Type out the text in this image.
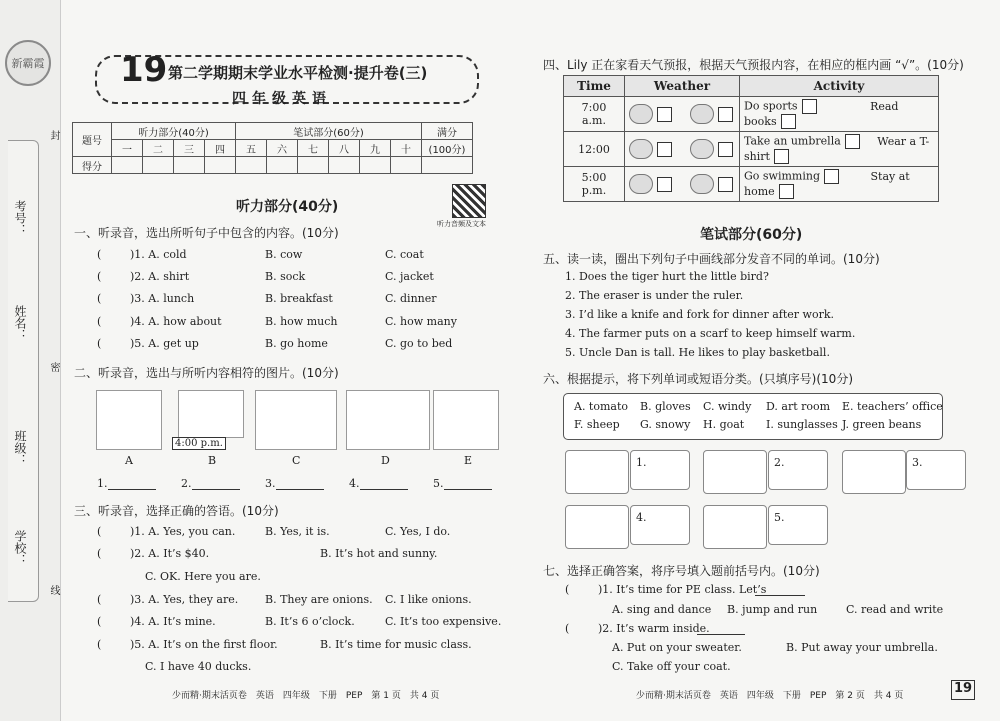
新霸霞
考号：
姓名：
班级：
学校：
封
密
线
19 第二学期期末学业水平检测·提升卷(三)
四年级英语
题号	听力部分(40分)				笔试部分(60分)						满分
	一	二	三	四	五	六	七	八	九	十	(100分)
得分											
听力音频及文本
听力部分(40分)
一、听录音，选出所听句子中包含的内容。(10分)
(	)1. A. cold	B. cow	C. coat
(	)2. A. shirt	B. sock	C. jacket
(	)3. A. lunch	B. breakfast	C. dinner
(	)4. A. how about	B. how much	C. how many
(	)5. A. get up	B. go home	C. go to bed
二、听录音，选出与所听内容相符的图片。(10分)
4:00 p.m.
A	B	C	D	E
1.	2.	3.	4.	5.
三、听录音，选择正确的答语。(10分)
(	)1. A. Yes, you can.	B. Yes, it is.	C. Yes, I do.
(	)2. A. It’s $40.	B. It’s hot and sunny.
C. OK. Here you are.
(	)3. A. Yes, they are. B. They are onions. C. I like onions.
(	)4. A. It’s mine.	B. It’s 6 o’clock.	C. It’s too expensive.
(	)5. A. It’s on the first floor.	B. It’s time for music class.
C. I have 40 ducks.
少而精·期末活页卷　英语　四年级　下册　PEP　第 1 页　共 4 页
四、Lily 正在家看天气预报，根据天气预报内容，在相应的框内画 “√”。(10分)
Time	Weather	Activity
7:00 a.m.		Do sports Read books
12:00		Take an umbrella Wear a T-shirt
5:00 p.m.		Go swimming Stay at home
笔试部分(60分)
五、读一读，圈出下列句子中画线部分发音不同的单词。(10分)
1. Does the tiger hurt the little bird?
2. The eraser is under the ruler.
3. I’d like a knife and fork for dinner after work.
4. The farmer puts on a scarf to keep himself warm.
5. Uncle Dan is tall. He likes to play basketball.
六、根据提示，将下列单词或短语分类。(只填序号)(10分)
A. tomato B. gloves C. windy D. art room E. teachers’ office
F. sheep G. snowy H. goat I. sunglasses J. green beans
1.	2.	3.
4.	5.
七、选择正确答案，将序号填入题前括号内。(10分)
(	)1. It’s time for PE class. Let’s
A. sing and dance B. jump and run	C. read and write
(	)2. It’s warm inside.
A. Put on your sweater.	B. Put away your umbrella.
C. Take off your coat.
少而精·期末活页卷　英语　四年级　下册　PEP　第 2 页　共 4 页	19
